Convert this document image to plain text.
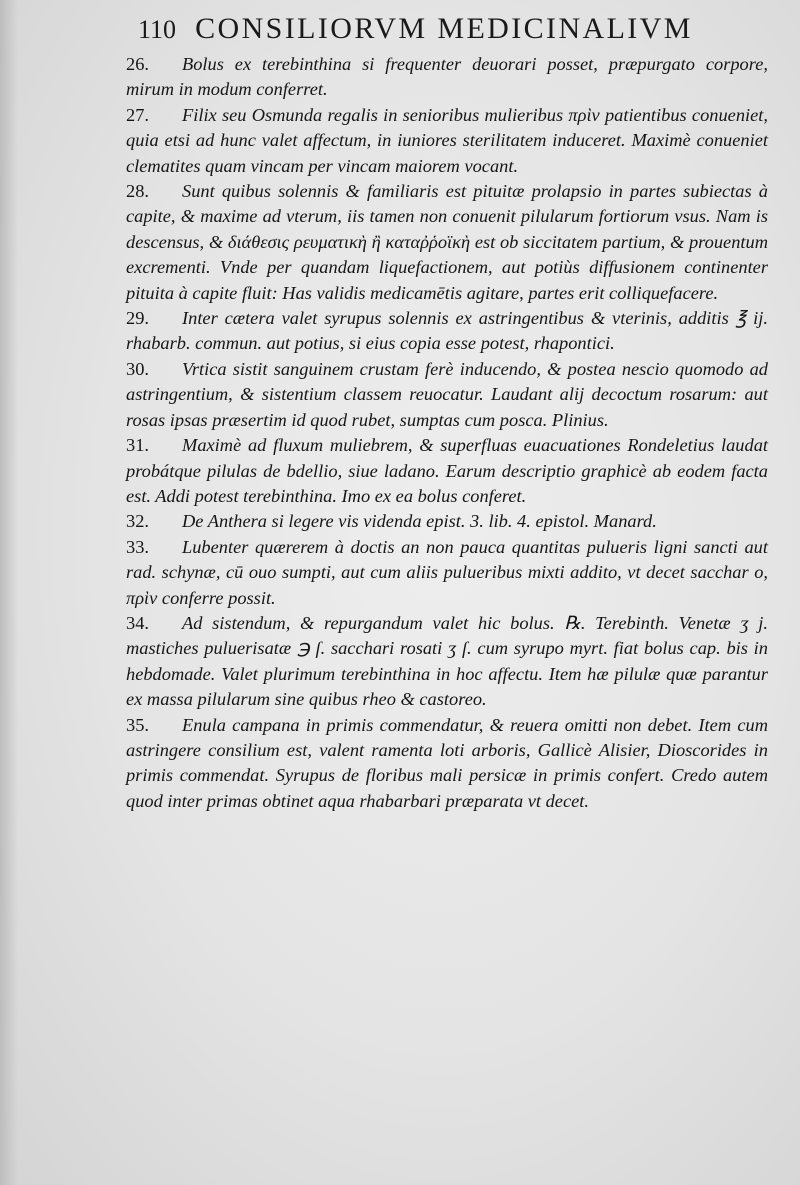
110 CONSILIORVM MEDICINALIVM

26. Bolus ex terebinthina si frequenter deuorari posset, præpurgato corpore, mirum in modum conferret.

27. Filix seu Osmunda regalis in senioribus mulieribus πρὶν patientibus conueniet, quia etsi ad hunc valet affectum, in iuniores sterilitatem induceret. Maximè conueniet clematites quam vincam per vincam maiorem vocant.

28. Sunt quibus solennis & familiaris est pituitæ prolapsio in partes subiectas à capite, & maxime ad vterum, iis tamen non conuenit pilularum fortiorum vsus. Nam is descensus, & διάθεσις ρευματικὴ ἢ καταῤῥοϊκὴ est ob siccitatem partium, & prouentum excrementi. Vnde per quandam liquefactionem, aut potiùs diffusionem continenter pituita à capite fluit: Has validis medicamētis agitare, partes erit colliquefacere.

29. Inter cætera valet syrupus solennis ex astringentibus & vterinis, additis ℥ ij. rhabarb. commun. aut potius, si eius copia esse potest, rhapontici.

30. Vrtica sistit sanguinem crustam ferè inducendo, & postea nescio quomodo ad astringentium, & sistentium classem reuocatur. Laudant alij decoctum rosarum: aut rosas ipsas præsertim id quod rubet, sumptas cum posca. Plinius.

31. Maximè ad fluxum muliebrem, & superfluas euacuationes Rondeletius laudat probátque pilulas de bdellio, siue ladano. Earum descriptio graphicè ab eodem facta est. Addi potest terebinthina. Imo ex ea bolus conferet.

32. De Anthera si legere vis videnda epist. 3. lib. 4. epistol. Manard.

33. Lubenter quærerem à doctis an non pauca quantitas pulueris ligni sancti aut rad. schynæ, cū ouo sumpti, aut cum aliis pulueribus mixti addito, vt decet sacchar o, πρὶν conferre possit.

34. Ad sistendum, & repurgandum valet hic bolus. ℞. Terebinth. Venetæ ʒ j. mastiches puluerisatæ ℈ ſ. sacchari rosati ʒ ſ. cum syrupo myrt. fiat bolus cap. bis in hebdomade. Valet plurimum terebinthina in hoc affectu. Item hæ pilulæ quæ parantur ex massa pilularum sine quibus rheo & castoreo.

35. Enula campana in primis commendatur, & reuera omitti non debet. Item cum astringere consilium est, valent ramenta loti arboris, Gallicè Alisier, Dioscorides in primis commendat. Syrupus de floribus mali persicæ in primis confert. Credo autem quod inter primas obtinet aqua rhabarbari præparata vt decet.
